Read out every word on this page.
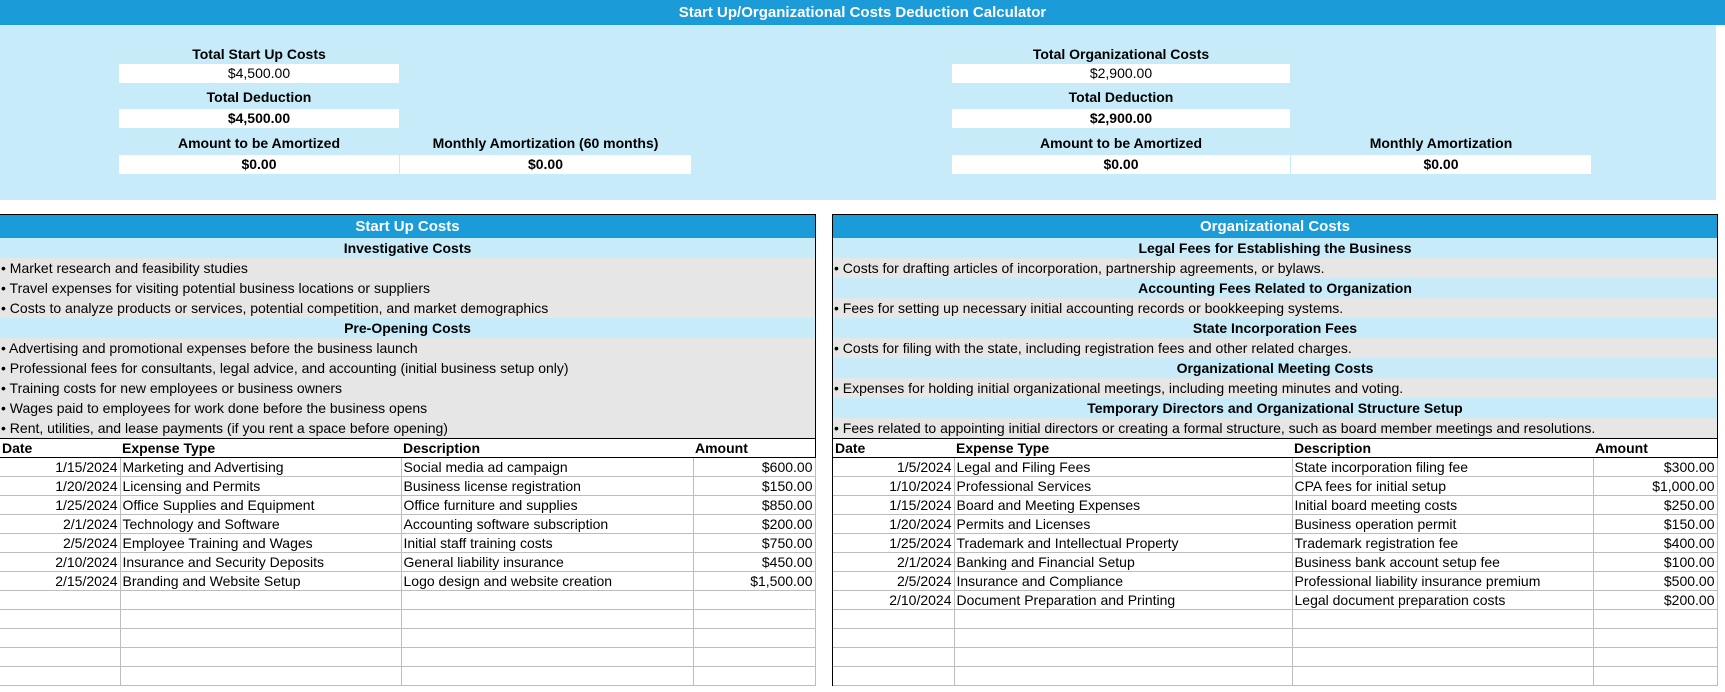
Start Up/Organizational Costs Deduction Calculator
Total Start Up Costs
$4,500.00
Total Deduction
$4,500.00
Amount to be Amortized
$0.00
Monthly Amortization (60 months)
$0.00
Total Organizational Costs
$2,900.00
Total Deduction
$2,900.00
Amount to be Amortized
$0.00
Monthly Amortization
$0.00
Start Up Costs
Investigative Costs
• Market research and feasibility studies
• Travel expenses for visiting potential business locations or suppliers
• Costs to analyze products or services, potential competition, and market demographics
Pre-Opening Costs
• Advertising and promotional expenses before the business launch
• Professional fees for consultants, legal advice, and accounting (initial business setup only)
• Training costs for new employees or business owners
• Wages paid to employees for work done before the business opens
• Rent, utilities, and lease payments (if you rent a space before opening)
Date	Expense Type	Description	Amount
1/15/2024	Marketing and Advertising	Social media ad campaign	$600.00
1/20/2024	Licensing and Permits	Business license registration	$150.00
1/25/2024	Office Supplies and Equipment	Office furniture and supplies	$850.00
2/1/2024	Technology and Software	Accounting software subscription	$200.00
2/5/2024	Employee Training and Wages	Initial staff training costs	$750.00
2/10/2024	Insurance and Security Deposits	General liability insurance	$450.00
2/15/2024	Branding and Website Setup	Logo design and website creation	$1,500.00

Organizational Costs
Legal Fees for Establishing the Business
• Costs for drafting articles of incorporation, partnership agreements, or bylaws.
Accounting Fees Related to Organization
• Fees for setting up necessary initial accounting records or bookkeeping systems.
State Incorporation Fees
• Costs for filing with the state, including registration fees and other related charges.
Organizational Meeting Costs
• Expenses for holding initial organizational meetings, including meeting minutes and voting.
Temporary Directors and Organizational Structure Setup
• Fees related to appointing initial directors or creating a formal structure, such as board member meetings and resolutions.
Date	Expense Type	Description	Amount
1/5/2024	Legal and Filing Fees	State incorporation filing fee	$300.00
1/10/2024	Professional Services	CPA fees for initial setup	$1,000.00
1/15/2024	Board and Meeting Expenses	Initial board meeting costs	$250.00
1/20/2024	Permits and Licenses	Business operation permit	$150.00
1/25/2024	Trademark and Intellectual Property	Trademark registration fee	$400.00
2/1/2024	Banking and Financial Setup	Business bank account setup fee	$100.00
2/5/2024	Insurance and Compliance	Professional liability insurance premium	$500.00
2/10/2024	Document Preparation and Printing	Legal document preparation costs	$200.00
